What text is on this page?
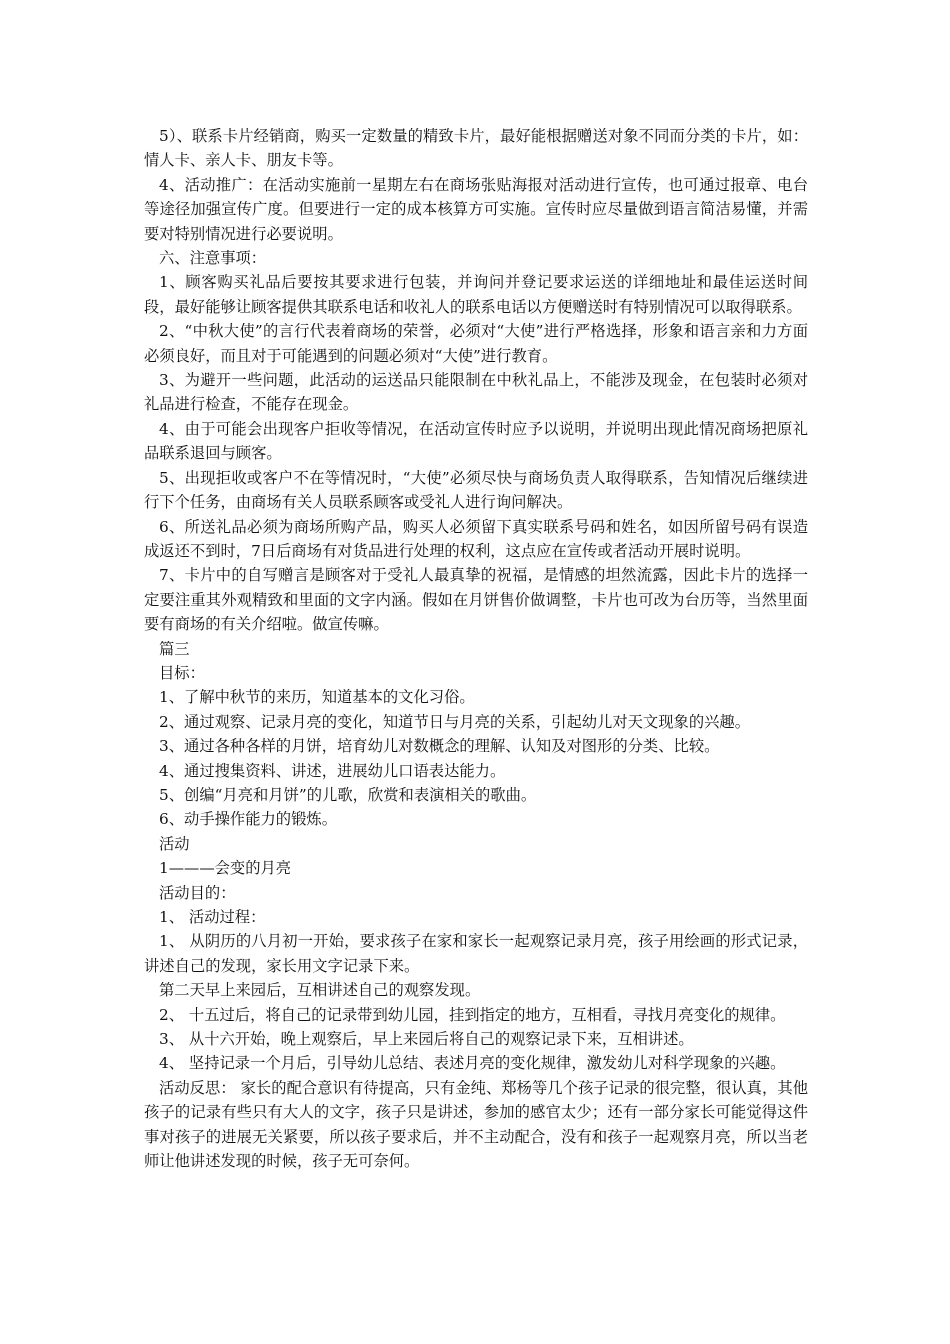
5）、联系卡片经销商，购买一定数量的精致卡片，最好能根据赠送对象不同而分类的卡片，如：情人卡、亲人卡、朋友卡等。

4、活动推广：在活动实施前一星期左右在商场张贴海报对活动进行宣传，也可通过报章、电台等途径加强宣传广度。但要进行一定的成本核算方可实施。宣传时应尽量做到语言简洁易懂，并需要对特别情况进行必要说明。

六、注意事项：

1、顾客购买礼品后要按其要求进行包装，并询问并登记要求运送的详细地址和最佳运送时间段，最好能够让顾客提供其联系电话和收礼人的联系电话以方便赠送时有特别情况可以取得联系。

2、“中秋大使”的言行代表着商场的荣誉，必须对“大使”进行严格选择，形象和语言亲和力方面必须良好，而且对于可能遇到的问题必须对“大使”进行教育。

3、为避开一些问题，此活动的运送品只能限制在中秋礼品上，不能涉及现金，在包装时必须对礼品进行检查，不能存在现金。

4、由于可能会出现客户拒收等情况，在活动宣传时应予以说明，并说明出现此情况商场把原礼品联系退回与顾客。

5、出现拒收或客户不在等情况时，“大使”必须尽快与商场负责人取得联系，告知情况后继续进行下个任务，由商场有关人员联系顾客或受礼人进行询问解决。

6、所送礼品必须为商场所购产品，购买人必须留下真实联系号码和姓名，如因所留号码有误造成返还不到时，7日后商场有对货品进行处理的权利，这点应在宣传或者活动开展时说明。

7、卡片中的自写赠言是顾客对于受礼人最真挚的祝福，是情感的坦然流露，因此卡片的选择一定要注重其外观精致和里面的文字内涵。假如在月饼售价做调整，卡片也可改为台历等，当然里面要有商场的有关介绍啦。做宣传嘛。

篇三

目标：

1、了解中秋节的来历，知道基本的文化习俗。

2、通过观察、记录月亮的变化，知道节日与月亮的关系，引起幼儿对天文现象的兴趣。

3、通过各种各样的月饼，培育幼儿对数概念的理解、认知及对图形的分类、比较。

4、通过搜集资料、讲述，进展幼儿口语表达能力。

5、创编“月亮和月饼”的儿歌，欣赏和表演相关的歌曲。

6、动手操作能力的锻炼。

活动

1———会变的月亮

活动目的：

1、 活动过程：

1、 从阴历的八月初一开始，要求孩子在家和家长一起观察记录月亮，孩子用绘画的形式记录，讲述自己的发现，家长用文字记录下来。

第二天早上来园后，互相讲述自己的观察发现。

2、 十五过后，将自己的记录带到幼儿园，挂到指定的地方，互相看，寻找月亮变化的规律。

3、 从十六开始，晚上观察后，早上来园后将自己的观察记录下来，互相讲述。

4、 坚持记录一个月后，引导幼儿总结、表述月亮的变化规律，激发幼儿对科学现象的兴趣。

活动反思： 家长的配合意识有待提高，只有金纯、郑杨等几个孩子记录的很完整，很认真，其他孩子的记录有些只有大人的文字，孩子只是讲述，参加的感官太少；还有一部分家长可能觉得这件事对孩子的进展无关紧要，所以孩子要求后，并不主动配合，没有和孩子一起观察月亮，所以当老师让他讲述发现的时候，孩子无可奈何。
